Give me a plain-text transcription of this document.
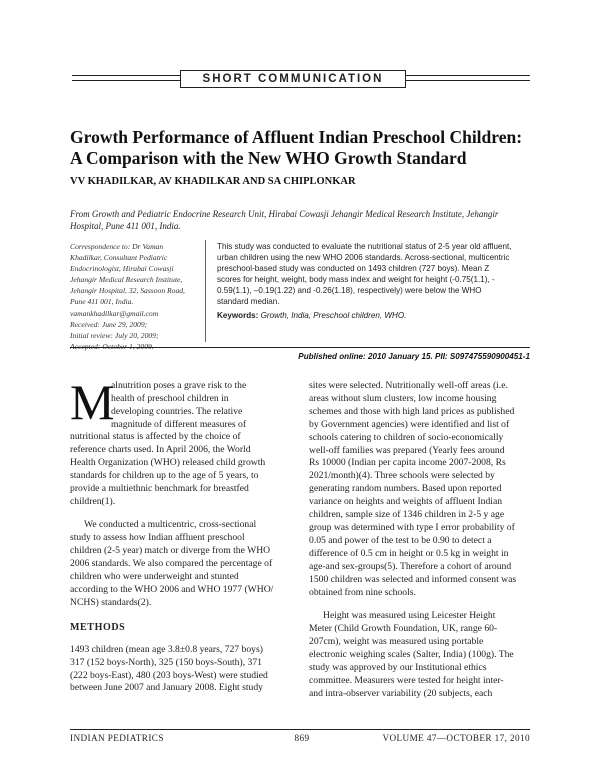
SHORT COMMUNICATION
Growth Performance of Affluent Indian Preschool Children:
A Comparison with the New WHO Growth Standard
VV KHADILKAR, AV KHADILKAR AND SA CHIPLONKAR
From Growth and Pediatric Endocrine Research Unit, Hirabai Cowasji Jehangir Medical Research Institute, Jehangir
Hospital, Pune 411 001, India.
Correspondence to: Dr Vaman
Khadilkar, Consultant Pediatric
Endocrinologist, Hirabai Cowasji
Jehangir Medical Research Institute,
Jehangir Hospital, 32, Sassoon Road,
Pune 411 001, India.
vamankhadilkar@gmail.com
Received: June 29, 2009;
Initial review: July 20, 2009;
This study was conducted to evaluate the nutritional status of 2-5 year old affluent,
urban children using the new WHO 2006 standards. Across-sectional, multicentric
preschool-based study was conducted on 1493 children (727 boys). Mean Z
scores for height, weight, body mass index and weight for height (-0.75(1.1), -
0.59(1.1), –0.19(1.22) and -0.26(1.18), respectively) were below the WHO
standard median.
Keywords: Growth, India, Preschool children, WHO.
Published online: 2010 January 15. PII: S097475590900451-1
M
alnutrition poses a grave risk to the
health of preschool children in
developing countries. The relative
magnitude of different measures of
nutritional status is affected by the choice of
reference charts used. In April 2006, the World
Health Organization (WHO) released child growth
standards for children up to the age of 5 years, to
provide a multiethnic benchmark for breastfed
children(1).
We conducted a multicentric, cross-sectional
study to assess how Indian affluent preschool
children (2-5 year) match or diverge from the WHO
2006 standards. We also compared the percentage of
children who were underweight and stunted
according to the WHO 2006 and WHO 1977 (WHO/
NCHS) standards(2).
METHODS
1493 children (mean age 3.8±0.8 years, 727 boys)
317 (152 boys-North), 325 (150 boys-South), 371
(222 boys-East), 480 (203 boys-West) were studied
between June 2007 and January 2008. Eight study
sites were selected. Nutritionally well-off areas (i.e.
areas without slum clusters, low income housing
schemes and those with high land prices as published
by Government agencies) were identified and list of
schools catering to children of socio-economically
well-off families was prepared (Yearly fees around
Rs 10000 (Indian per capita income 2007-2008, Rs
2021/month)(4). Three schools were selected by
generating random numbers. Based upon reported
variance on heights and weights of affluent Indian
children, sample size of 1346 children in 2-5 y age
group was determined with type I error probability of
0.05 and power of the test to be 0.90 to detect a
difference of 0.5 cm in height or 0.5 kg in weight in
age-and sex-groups(5). Therefore a cohort of around
1500 children was selected and informed consent was
obtained from nine schools.
Height was measured using Leicester Height
Meter (Child Growth Foundation, UK, range 60-
207cm), weight was measured using portable
electronic weighing scales (Salter, India) (100g). The
study was approved by our Institutional ethics
committee. Measurers were tested for height inter-
and intra-observer variability (20 subjects, each
INDIAN PEDIATRICS	869	VOLUME 47—OCTOBER 17, 2010
